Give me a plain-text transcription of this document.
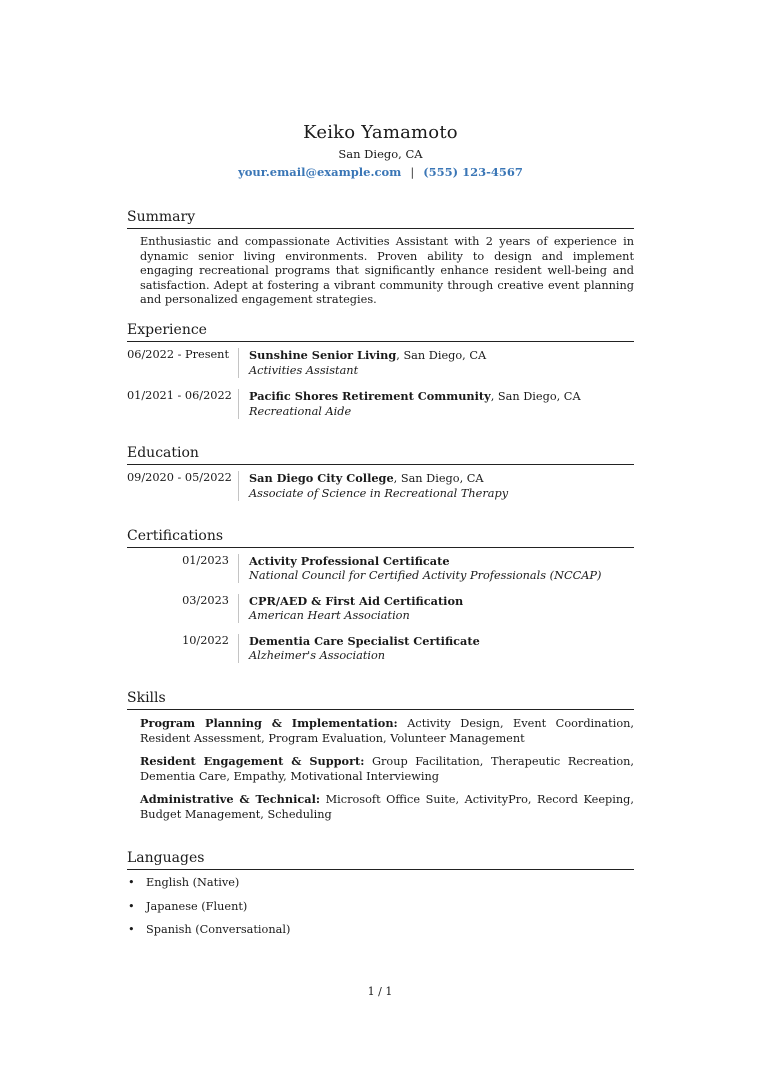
Keiko Yamamoto
San Diego, CA
your.email@example.com | (555) 123-4567
Summary
Enthusiastic and compassionate Activities Assistant with 2 years of experience in dynamic senior living environments. Proven ability to design and implement engaging recreational programs that significantly enhance resident well-being and satisfaction. Adept at fostering a vibrant community through creative event planning and personalized engagement strategies.
Experience
06/2022 - Present	Sunshine Senior Living, San Diego, CA
Activities Assistant
01/2021 - 06/2022	Pacific Shores Retirement Community, San Diego, CA
Recreational Aide
Education
09/2020 - 05/2022	San Diego City College, San Diego, CA
Associate of Science in Recreational Therapy
Certifications
01/2023	Activity Professional Certificate
National Council for Certified Activity Professionals (NCCAP)
03/2023	CPR/AED & First Aid Certification
American Heart Association
10/2022	Dementia Care Specialist Certificate
Alzheimer's Association
Skills
Program Planning & Implementation: Activity Design, Event Coordination, Resident Assessment, Program Evaluation, Volunteer Management
Resident Engagement & Support: Group Facilitation, Therapeutic Recreation, Dementia Care, Empathy, Motivational Interviewing
Administrative & Technical: Microsoft Office Suite, ActivityPro, Record Keeping, Budget Management, Scheduling
Languages
• English (Native)
• Japanese (Fluent)
• Spanish (Conversational)
1 / 1
